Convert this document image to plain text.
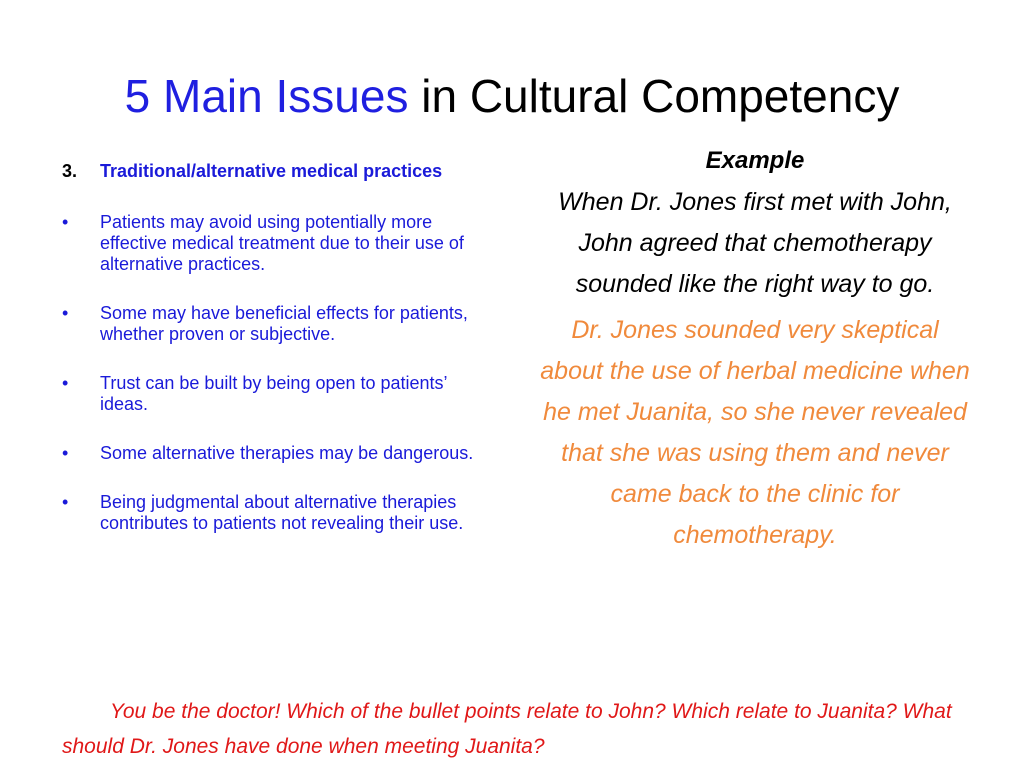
5 Main Issues in Cultural Competency
3. Traditional/alternative medical practices
• Patients may avoid using potentially more effective medical treatment due to their use of alternative practices.
• Some may have beneficial effects for patients, whether proven or subjective.
• Trust can be built by being open to patients’ ideas.
• Some alternative therapies may be dangerous.
• Being judgmental about alternative therapies contributes to patients not revealing their use.
Example
When Dr. Jones first met with John, John agreed that chemotherapy sounded like the right way to go.
Dr. Jones sounded very skeptical about the use of herbal medicine when he met Juanita, so she never revealed that she was using them and never came back to the clinic for chemotherapy.
You be the doctor! Which of the bullet points relate to John? Which relate to Juanita? What should Dr. Jones have done when meeting Juanita?
